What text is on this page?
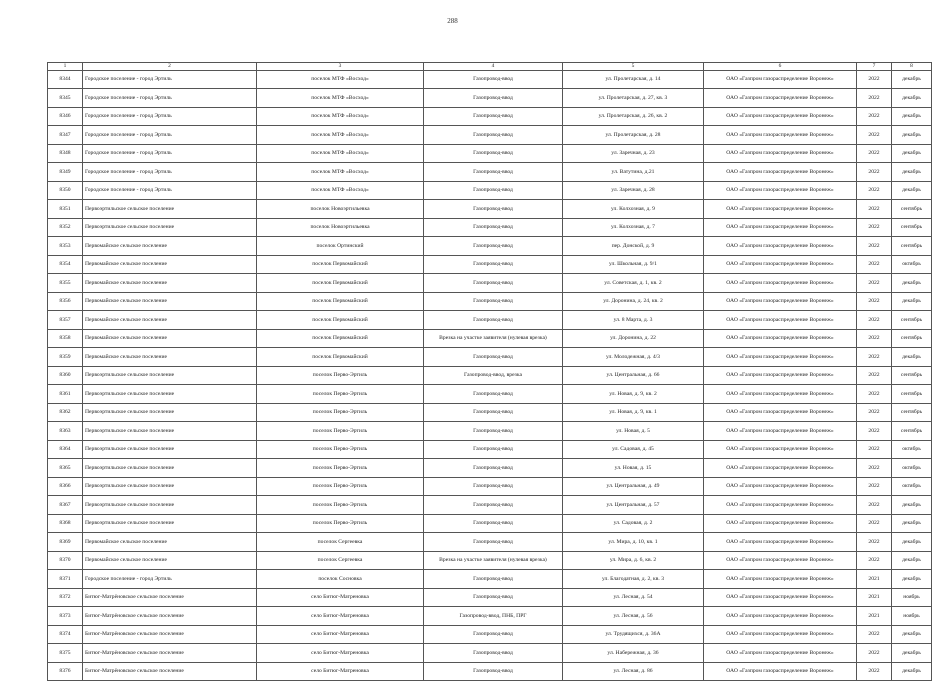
288
1	2	3	4	5	6	7	8
8344	Городское поселение - город Эртиль	поселок МТФ «Восход»	Газопровод-ввод	ул. Пролетарская, д. 14	ОАО «Газпром газораспределение Воронеж»	2022	декабрь
8345	Городское поселение - город Эртиль	поселок МТФ «Восход»	Газопровод-ввод	ул. Пролетарская, д. 27, кв. 3	ОАО «Газпром газораспределение Воронеж»	2022	декабрь
8346	Городское поселение - город Эртиль	поселок МТФ «Восход»	Газопровод-ввод	ул. Пролетарская, д. 26, кв. 2	ОАО «Газпром газораспределение Воронеж»	2022	декабрь
8347	Городское поселение - город Эртиль	поселок МТФ «Восход»	Газопровод-ввод	ул. Пролетарская, д. 28	ОАО «Газпром газораспределение Воронеж»	2022	декабрь
8348	Городское поселение - город Эртиль	поселок МТФ «Восход»	Газопровод-ввод	ул. Заречная, д. 23	ОАО «Газпром газораспределение Воронеж»	2022	декабрь
8349	Городское поселение - город Эртиль	поселок МТФ «Восход»	Газопровод-ввод	ул. Ватутина, д.21	ОАО «Газпром газораспределение Воронеж»	2022	декабрь
8350	Городское поселение - город Эртиль	поселок МТФ «Восход»	Газопровод-ввод	ул. Заречная, д. 28	ОАО «Газпром газораспределение Воронеж»	2022	декабрь
8351	Первоэртильское сельское поселение	поселок Новоэртильевка	Газопровод-ввод	ул. Колхозная, д. 9	ОАО «Газпром газораспределение Воронеж»	2022	сентябрь
8352	Первоэртильское сельское поселение	поселок Новоэртильевка	Газопровод-ввод	ул. Колхозная, д. 7	ОАО «Газпром газораспределение Воронеж»	2022	сентябрь
8353	Первомайское сельское поселение	поселок Ортинский	Газопровод-ввод	пер. Донской, д. 9	ОАО «Газпром газораспределение Воронеж»	2022	сентябрь
8354	Первомайское сельское поселение	поселок Первомайский	Газопровод-ввод	ул. Школьная, д. 9/1	ОАО «Газпром газораспределение Воронеж»	2022	октябрь
8355	Первомайское сельское поселение	поселок Первомайский	Газопровод-ввод	ул. Советская, д. 1, кв. 2	ОАО «Газпром газораспределение Воронеж»	2022	декабрь
8356	Первомайское сельское поселение	поселок Первомайский	Газопровод-ввод	ул. Доронина, д. 24, кв. 2	ОАО «Газпром газораспределение Воронеж»	2022	декабрь
8357	Первомайское сельское поселение	поселок Первомайский	Газопровод-ввод	ул. 8 Марта, д. 3	ОАО «Газпром газораспределение Воронеж»	2022	сентябрь
8358	Первомайское сельское поселение	поселок Первомайский	Врезка на участке заявителя (нулевая врезка)	ул. Доронина, д. 22	ОАО «Газпром газораспределение Воронеж»	2022	сентябрь
8359	Первомайское сельское поселение	поселок Первомайский	Газопровод-ввод	ул. Молодежная, д. 4/3	ОАО «Газпром газораспределение Воронеж»	2022	декабрь
8360	Первоэртильское сельское поселение	поселок Перво-Эртиль	Газопровод-ввод, врезка	ул. Центральная, д. 66	ОАО «Газпром газораспределение Воронеж»	2022	сентябрь
8361	Первоэртильское сельское поселение	поселок Перво-Эртиль	Газопровод-ввод	ул. Новая, д. 9, кв. 2	ОАО «Газпром газораспределение Воронеж»	2022	сентябрь
8362	Первоэртильское сельское поселение	поселок Перво-Эртиль	Газопровод-ввод	ул. Новая, д. 9, кв. 1	ОАО «Газпром газораспределение Воронеж»	2022	сентябрь
8363	Первоэртильское сельское поселение	поселок Перво-Эртиль	Газопровод-ввод	ул. Новая, д. 5	ОАО «Газпром газораспределение Воронеж»	2022	сентябрь
8364	Первоэртильское сельское поселение	поселок Перво-Эртиль	Газопровод-ввод	ул. Садовая, д. 45	ОАО «Газпром газораспределение Воронеж»	2022	октябрь
8365	Первоэртильское сельское поселение	поселок Перво-Эртиль	Газопровод-ввод	ул. Новая, д. 15	ОАО «Газпром газораспределение Воронеж»	2022	октябрь
8366	Первоэртильское сельское поселение	поселок Перво-Эртиль	Газопровод-ввод	ул. Центральная, д. 49	ОАО «Газпром газораспределение Воронеж»	2022	октябрь
8367	Первоэртильское сельское поселение	поселок Перво-Эртиль	Газопровод-ввод	ул. Центральная, д. 57	ОАО «Газпром газораспределение Воронеж»	2022	декабрь
8368	Первоэртильское сельское поселение	поселок Перво-Эртиль	Газопровод-ввод	ул. Садовая, д. 2	ОАО «Газпром газораспределение Воронеж»	2022	декабрь
8369	Первомайское сельское поселение	поселок Сергеевка	Газопровод-ввод	ул. Мира, д. 10, кв. 1	ОАО «Газпром газораспределение Воронеж»	2022	декабрь
8370	Первомайское сельское поселение	поселок Сергеевка	Врезка на участке заявителя (нулевая врезка)	ул. Мира, д. 6, кв. 2	ОАО «Газпром газораспределение Воронеж»	2022	декабрь
8371	Городское поселение - город Эртиль	поселок Сосновка	Газопровод-ввод	ул. Благодатная, д. 2, кв. 3	ОАО «Газпром газораспределение Воронеж»	2021	декабрь
8372	Битюг-Матрёновское сельское поселение	село Битюг-Матреновка	Газопровод-ввод	ул. Лесная, д. 54	ОАО «Газпром газораспределение Воронеж»	2021	ноябрь
8373	Битюг-Матрёновское сельское поселение	село Битюг-Матреновка	Газопровод-ввод, ПНБ, ПРГ	ул. Лесная, д. 56	ОАО «Газпром газораспределение Воронеж»	2021	ноябрь
8374	Битюг-Матрёновское сельское поселение	село Битюг-Матреновка	Газопровод-ввод	ул. Трудящихся, д. 36А	ОАО «Газпром газораспределение Воронеж»	2022	декабрь
8375	Битюг-Матрёновское сельское поселение	село Битюг-Матреновка	Газопровод-ввод	ул. Набережная, д. 36	ОАО «Газпром газораспределение Воронеж»	2022	декабрь
8376	Битюг-Матрёновское сельское поселение	село Битюг-Матреновка	Газопровод-ввод	ул. Лесная, д. 86	ОАО «Газпром газораспределение Воронеж»	2022	декабрь
